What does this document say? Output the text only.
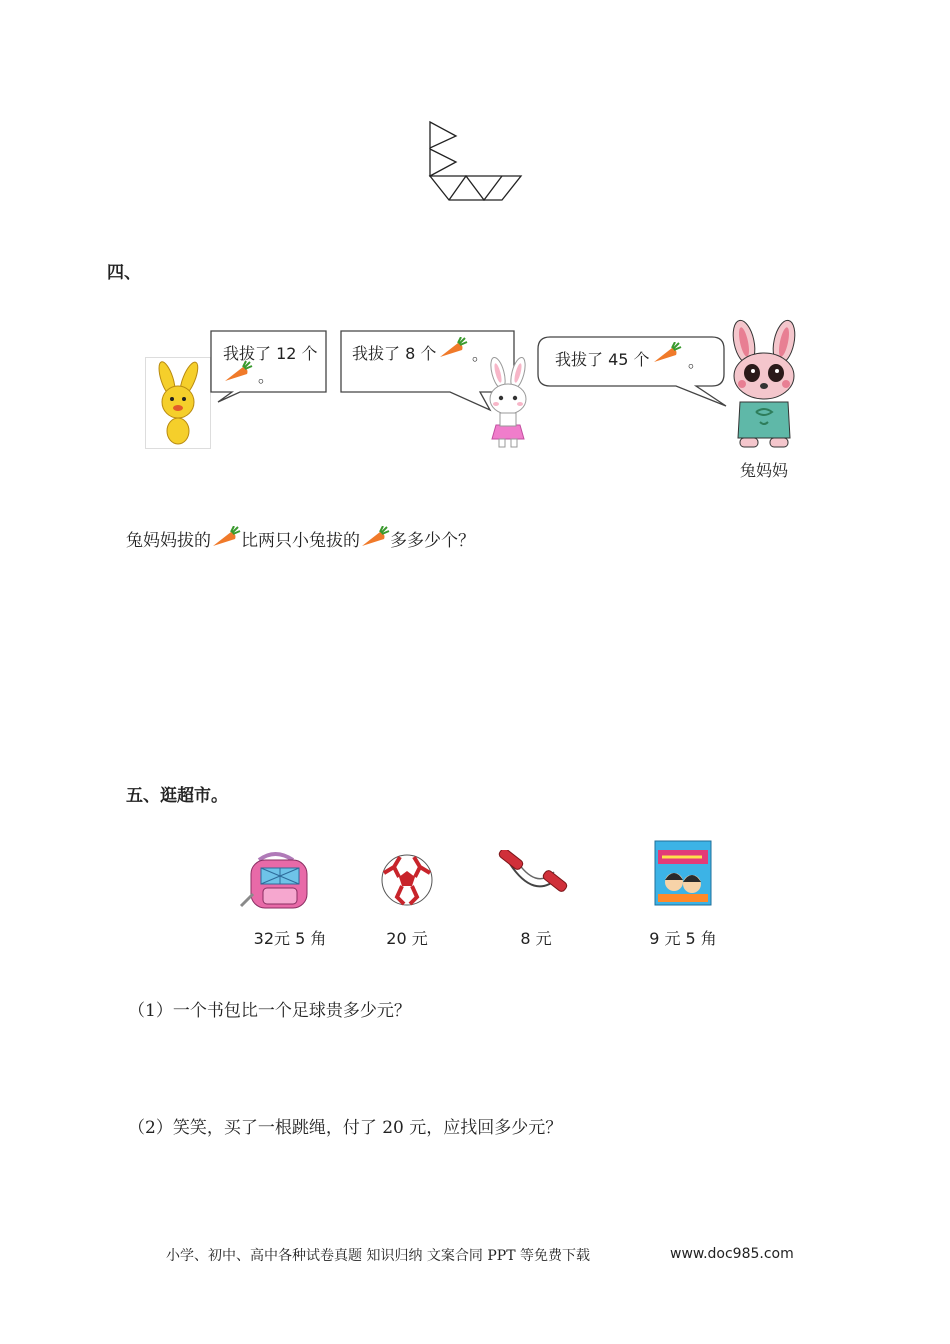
四、
我拔了 12 个
。
我拔了 8 个 。	我拔了 45 个 。
兔妈妈
兔妈妈拔的 比两只小兔拔的 多多少个？
五、逛超市。
32元 5 角	20 元	8 元	9 元 5 角
（1）一个书包比一个足球贵多少元？
（2）笑笑，买了一根跳绳，付了 20 元，应找回多少元？
小学、初中、高中各种试卷真题 知识归纳 文案合同 PPT 等免费下载	www.doc985.com
